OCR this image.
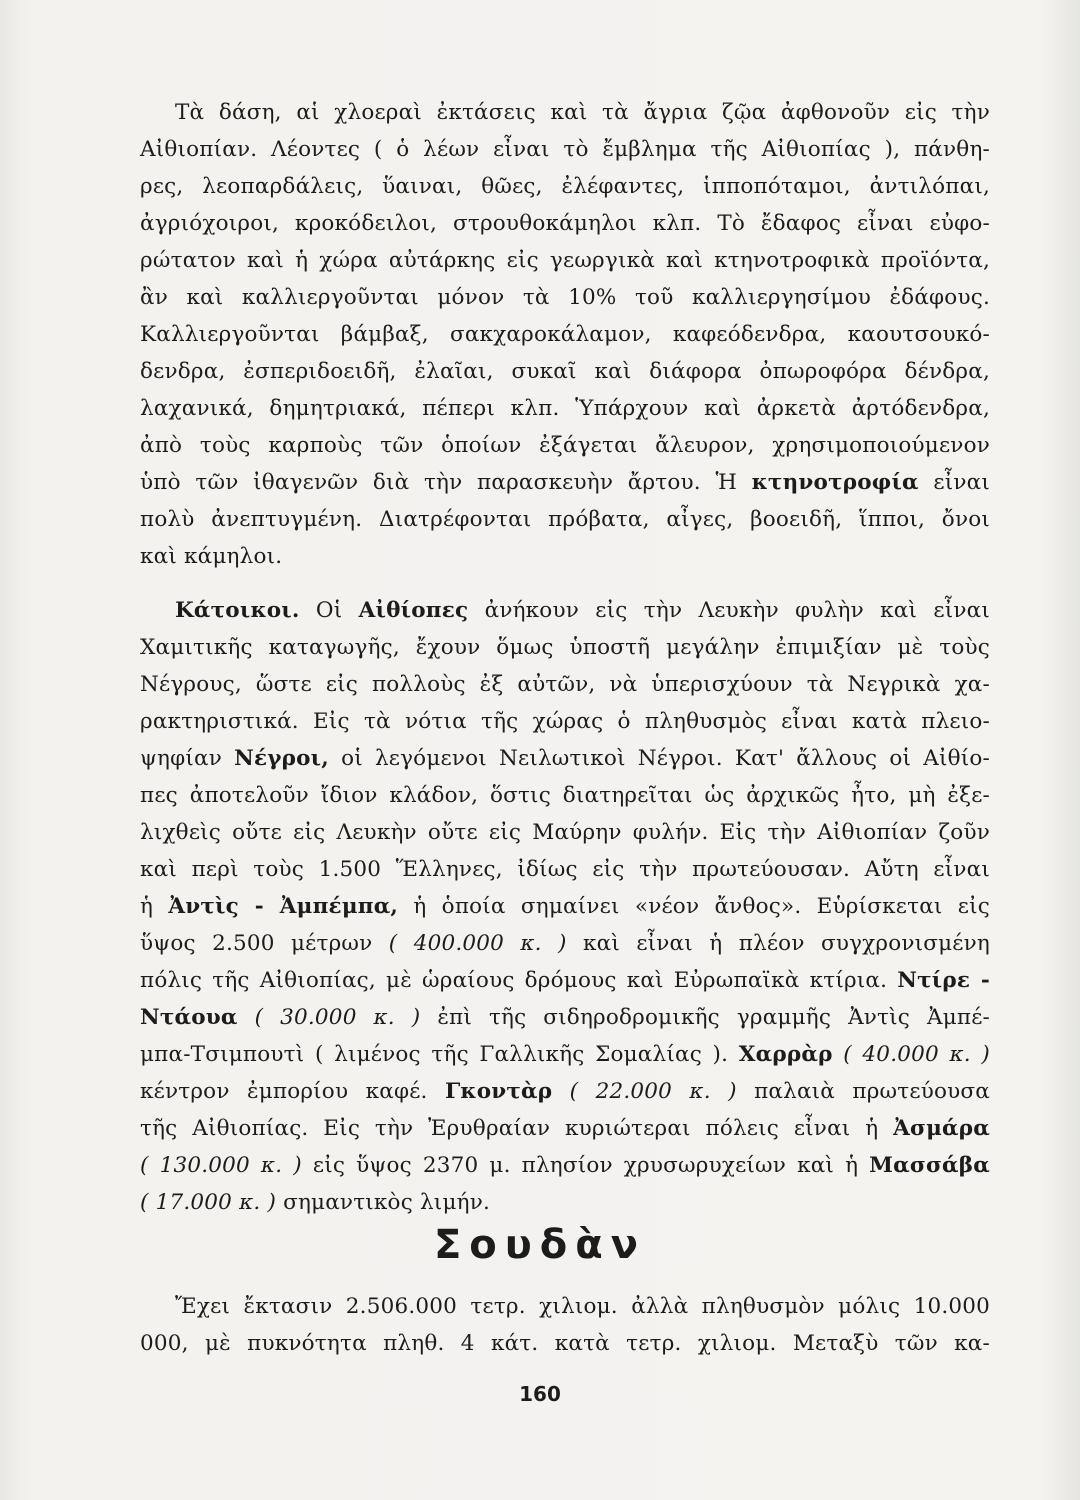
Τὰ δάση, αἱ χλοεραὶ ἐκτάσεις καὶ τὰ ἄγρια ζῷα ἀφθονοῦν εἰς τὴν

Αἰθιοπίαν. Λέοντες ( ὁ λέων εἶναι τὸ ἔμβλημα τῆς Αἰθιοπίας ), πάνθη-

ρες, λεοπαρδάλεις, ὕαιναι, θῶες, ἐλέφαντες, ἱπποπόταμοι, ἀντιλόπαι,

ἀγριόχοιροι, κροκόδειλοι, στρουθοκάμηλοι κλπ. Τὸ ἔδαφος εἶναι εὐφο-

ρώτατον καὶ ἡ χώρα αὐτάρκης εἰς γεωργικὰ καὶ κτηνοτροφικὰ προϊόντα,

ἂν καὶ καλλιεργοῦνται μόνον τὰ 10% τοῦ καλλιεργησίμου ἐδάφους.

Καλλιεργοῦνται βάμβαξ, σακχαροκάλαμον, καφεόδενδρα, καουτσουκό-

δενδρα, ἐσπεριδοειδῆ, ἐλαῖαι, συκαῖ καὶ διάφορα ὀπωροφόρα δένδρα,

λαχανικά, δημητριακά, πέπερι κλπ. Ὑπάρχουν καὶ ἀρκετὰ ἀρτόδενδρα,

ἀπὸ τοὺς καρποὺς τῶν ὁποίων ἐξάγεται ἄλευρον, χρησιμοποιούμενον

ὑπὸ τῶν ἰθαγενῶν διὰ τὴν παρασκευὴν ἄρτου. Ἡ κτηνοτροφία εἶναι

πολὺ ἀνεπτυγμένη. Διατρέφονται πρόβατα, αἶγες, βοοειδῆ, ἵπποι, ὄνοι

καὶ κάμηλοι.

Κάτοικοι. Οἱ Αἰθίοπες ἀνήκουν εἰς τὴν Λευκὴν φυλὴν καὶ εἶναι

Χαμιτικῆς καταγωγῆς, ἔχουν ὅμως ὑποστῆ μεγάλην ἐπιμιξίαν μὲ τοὺς

Νέγρους, ὥστε εἰς πολλοὺς ἐξ αὐτῶν, νὰ ὑπερισχύουν τὰ Νεγρικὰ χα-

ρακτηριστικά. Εἰς τὰ νότια τῆς χώρας ὁ πληθυσμὸς εἶναι κατὰ πλειο-

ψηφίαν Νέγροι, οἱ λεγόμενοι Νειλωτικοὶ Νέγροι. Κατ' ἄλλους οἱ Αἰθίο-

πες ἀποτελοῦν ἴδιον κλάδον, ὅστις διατηρεῖται ὡς ἀρχικῶς ἦτο, μὴ ἐξε-

λιχθεὶς οὔτε εἰς Λευκὴν οὔτε εἰς Μαύρην φυλήν. Εἰς τὴν Αἰθιοπίαν ζοῦν

καὶ περὶ τοὺς 1.500 Ἕλληνες, ἰδίως εἰς τὴν πρωτεύουσαν. Αὔτη εἶναι

ἡ Ἀντὶς - Ἀμπέμπα, ἡ ὁποία σημαίνει «νέον ἄνθος». Εὑρίσκεται εἰς

ὕψος 2.500 μέτρων ( 400.000 κ. ) καὶ εἶναι ἡ πλέον συγχρονισμένη

πόλις τῆς Αἰθιοπίας, μὲ ὡραίους δρόμους καὶ Εὐρωπαϊκὰ κτίρια. Ντίρε -

Ντάουα ( 30.000 κ. ) ἐπὶ τῆς σιδηροδρομικῆς γραμμῆς Ἀντὶς Ἀμπέ-

μπα-Τσιμπουτὶ ( λιμένος τῆς Γαλλικῆς Σομαλίας ). Χαρρὰρ ( 40.000 κ. )

κέντρον ἐμπορίου καφέ. Γκοντὰρ ( 22.000 κ. ) παλαιὰ πρωτεύουσα

τῆς Αἰθιοπίας. Εἰς τὴν Ἐρυθραίαν κυριώτεραι πόλεις εἶναι ἡ Ἀσμάρα

( 130.000 κ. ) εἰς ὕψος 2370 μ. πλησίον χρυσωρυχείων καὶ ἡ Μασσάβα

( 17.000 κ. ) σημαντικὸς λιμήν.

Σουδὰν

Ἔχει ἔκτασιν 2.506.000 τετρ. χιλιομ. ἀλλὰ πληθυσμὸν μόλις 10.000

000, μὲ πυκνότητα πληθ. 4 κάτ. κατὰ τετρ. χιλιομ. Μεταξὺ τῶν κα-

160
